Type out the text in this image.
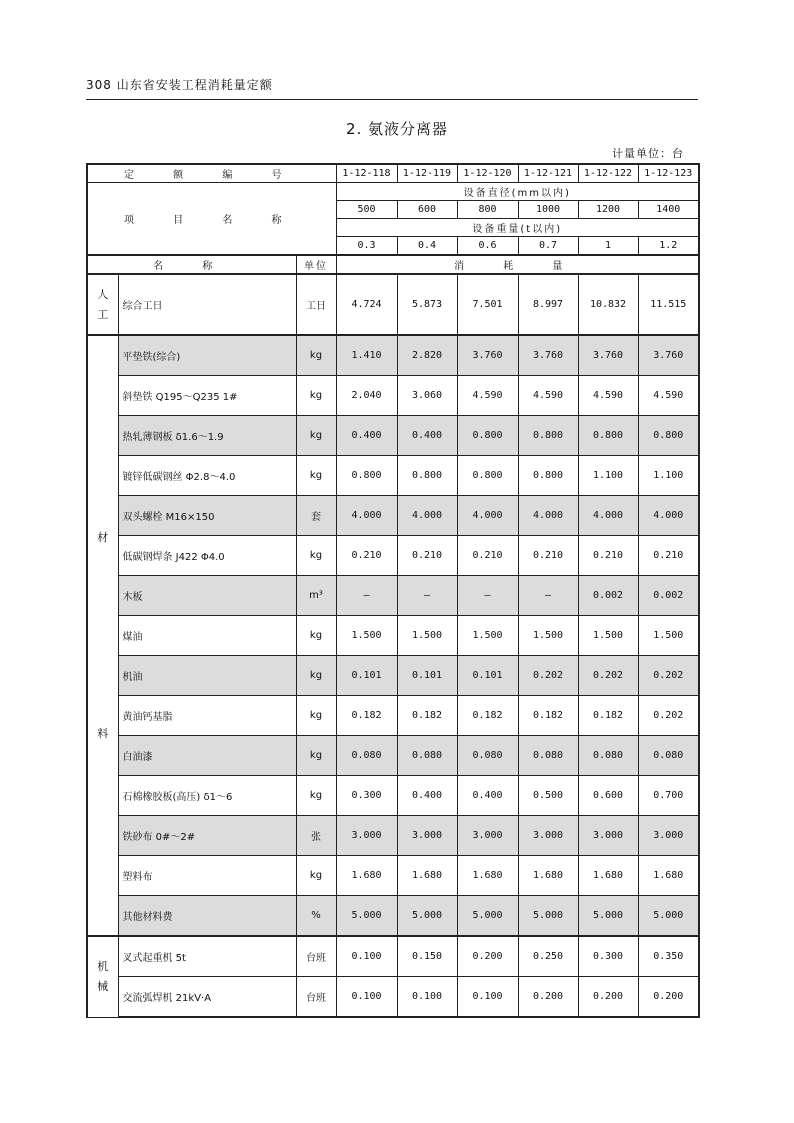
308 山东省安装工程消耗量定额
2. 氨液分离器
计量单位：台
定 额 编 号			1-12-118	1-12-119	1-12-120	1-12-121	1-12-122	1-12-123
项 目 名 称			设备直径(mm以内)					
			500	600	800	1000	1200	1400
			设备重量(t以内)					
			0.3	0.4	0.6	0.7	1	1.2
名 称		单位	消 耗 量					

人
工	综合工日	工日	4.724	5.873	7.501	8.997	10.832	11.515

材
料	平垫铁(综合)	kg	1.410	2.820	3.760	3.760	3.760	3.760
	斜垫铁 Q195～Q235 1#	kg	2.040	3.060	4.590	4.590	4.590	4.590
	热轧薄钢板 δ1.6～1.9	kg	0.400	0.400	0.800	0.800	0.800	0.800
	镀锌低碳钢丝 Φ2.8～4.0	kg	0.800	0.800	0.800	0.800	1.100	1.100
	双头螺栓 M16×150	套	4.000	4.000	4.000	4.000	4.000	4.000
	低碳钢焊条 J422 Φ4.0	kg	0.210	0.210	0.210	0.210	0.210	0.210
	木板	m³	—	—	—	—	0.002	0.002
	煤油	kg	1.500	1.500	1.500	1.500	1.500	1.500
	机油	kg	0.101	0.101	0.101	0.202	0.202	0.202
	黄油钙基脂	kg	0.182	0.182	0.182	0.182	0.182	0.202
	白油漆	kg	0.080	0.080	0.080	0.080	0.080	0.080
	石棉橡胶板(高压) δ1～6	kg	0.300	0.400	0.400	0.500	0.600	0.700
	铁砂布 0#～2#	张	3.000	3.000	3.000	3.000	3.000	3.000
	塑料布	kg	1.680	1.680	1.680	1.680	1.680	1.680
	其他材料费	%	5.000	5.000	5.000	5.000	5.000	5.000

机
械	叉式起重机 5t	台班	0.100	0.150	0.200	0.250	0.300	0.350
	交流弧焊机 21kV·A	台班	0.100	0.100	0.100	0.200	0.200	0.200
